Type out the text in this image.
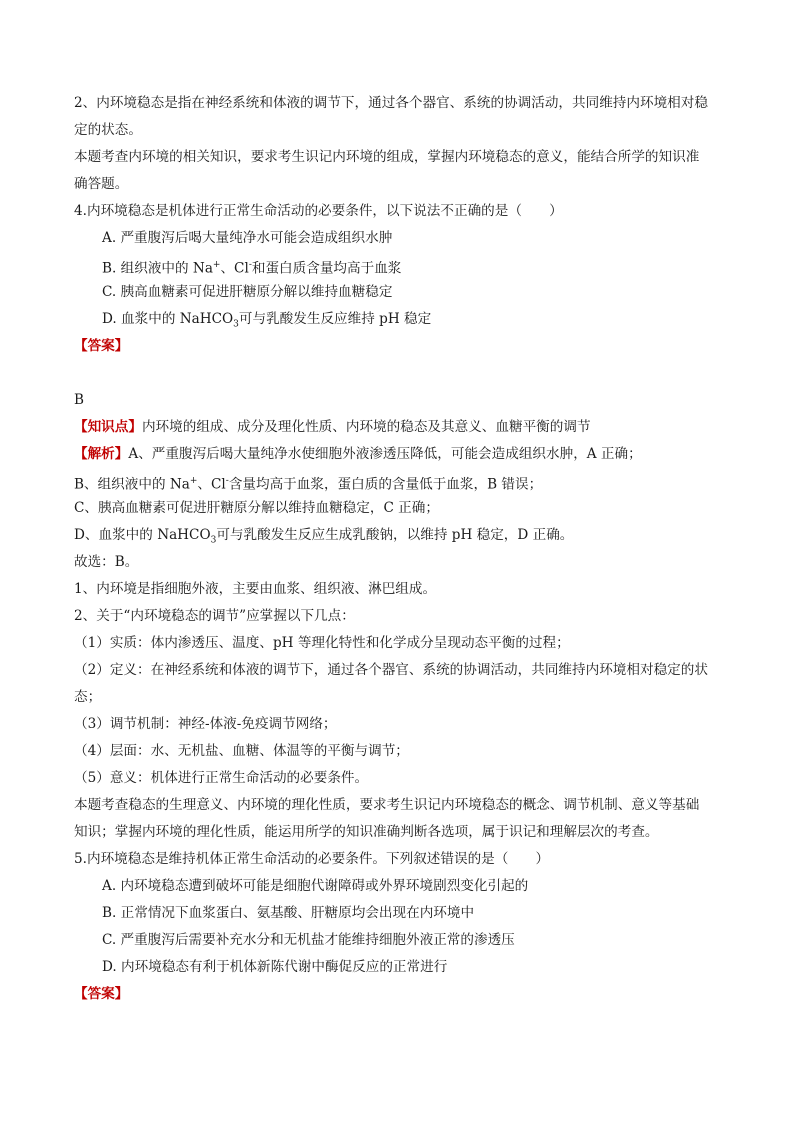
2、内环境稳态是指在神经系统和体液的调节下，通过各个器官、系统的协调活动，共同维持内环境相对稳
定的状态。
本题考查内环境的相关知识，要求考生识记内环境的组成，掌握内环境稳态的意义，能结合所学的知识准
确答题。
4.内环境稳态是机体进行正常生命活动的必要条件，以下说法不正确的是（　　）
A. 严重腹泻后喝大量纯净水可能会造成组织水肿
B. 组织液中的 Na+、Cl-和蛋白质含量均高于血浆
C. 胰高血糖素可促进肝糖原分解以维持血糖稳定
D. 血浆中的 NaHCO$_3$可与乳酸发生反应维持 pH 稳定
【答案】
B
【知识点】内环境的组成、成分及理化性质、内环境的稳态及其意义、血糖平衡的调节
【解析】A、严重腹泻后喝大量纯净水使细胞外液渗透压降低，可能会造成组织水肿，A 正确；
B、组织液中的 Na+、Cl-含量均高于血浆，蛋白质的含量低于血浆，B 错误；
C、胰高血糖素可促进肝糖原分解以维持血糖稳定，C 正确；
D、血浆中的 NaHCO$_3$可与乳酸发生反应生成乳酸钠，以维持 pH 稳定，D 正确。
故选：B。
1、内环境是指细胞外液，主要由血浆、组织液、淋巴组成。
2、关于“内环境稳态的调节”应掌握以下几点：
（1）实质：体内渗透压、温度、pH 等理化特性和化学成分呈现动态平衡的过程；
（2）定义：在神经系统和体液的调节下，通过各个器官、系统的协调活动，共同维持内环境相对稳定的状
态；
（3）调节机制：神经-体液-免疫调节网络；
（4）层面：水、无机盐、血糖、体温等的平衡与调节；
（5）意义：机体进行正常生命活动的必要条件。
本题考查稳态的生理意义、内环境的理化性质，要求考生识记内环境稳态的概念、调节机制、意义等基础
知识；掌握内环境的理化性质，能运用所学的知识准确判断各选项，属于识记和理解层次的考查。
5.内环境稳态是维持机体正常生命活动的必要条件。下列叙述错误的是（　　）
A. 内环境稳态遭到破坏可能是细胞代谢障碍或外界环境剧烈变化引起的
B. 正常情况下血浆蛋白、氨基酸、肝糖原均会出现在内环境中
C. 严重腹泻后需要补充水分和无机盐才能维持细胞外液正常的渗透压
D. 内环境稳态有利于机体新陈代谢中酶促反应的正常进行
【答案】
